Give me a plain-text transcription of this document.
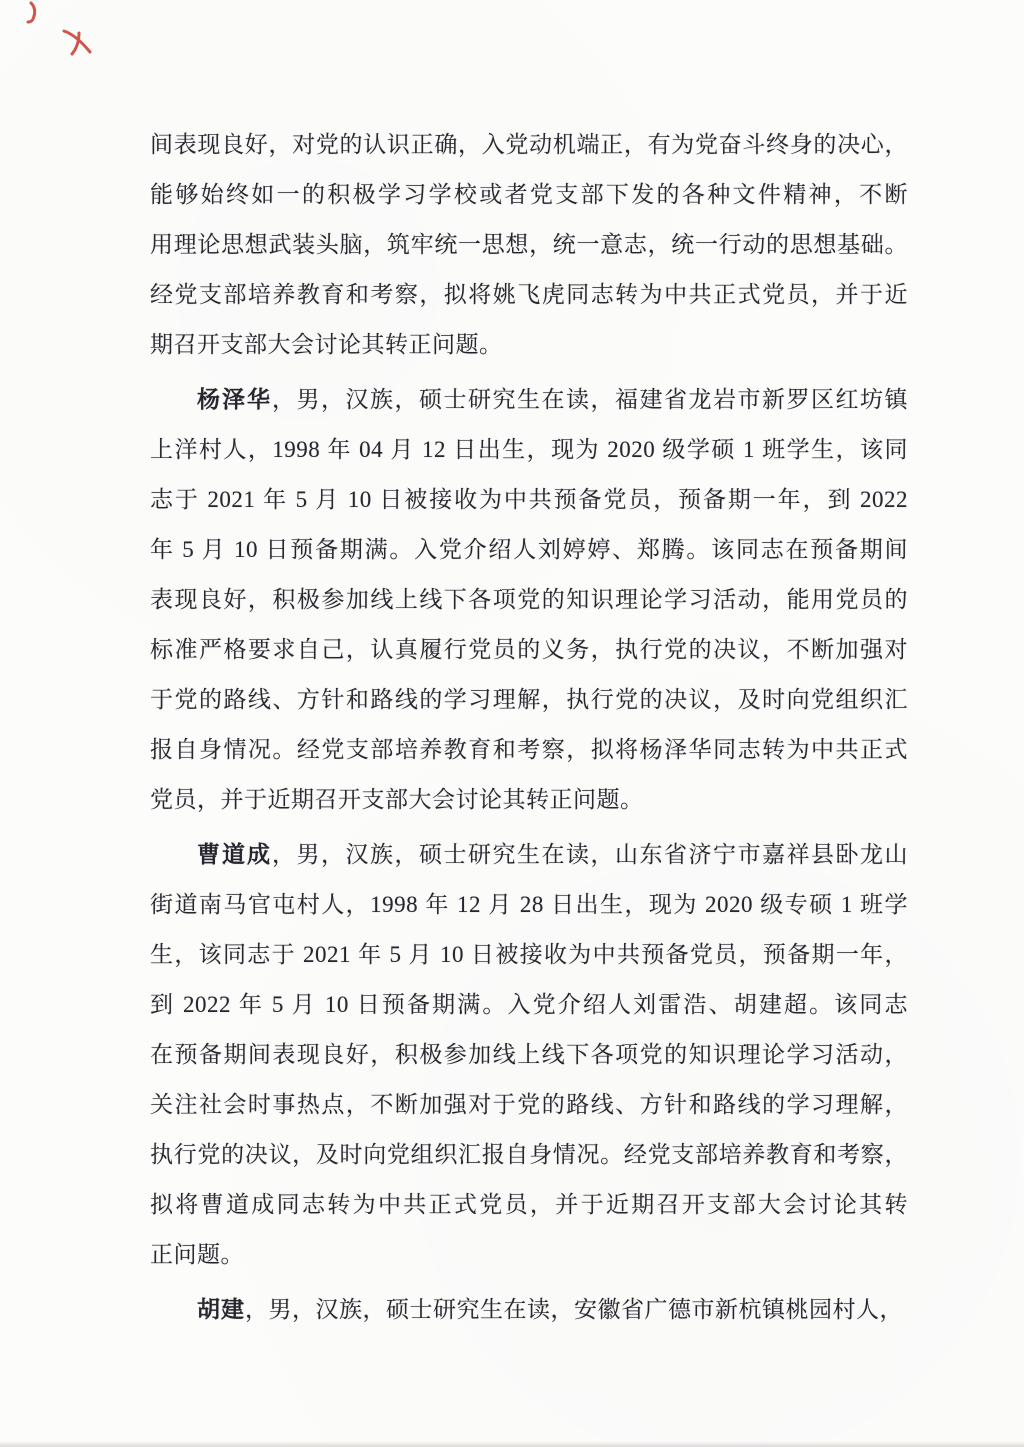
间表现良好，对党的认识正确，入党动机端正，有为党奋斗终身的决心，
能够始终如一的积极学习学校或者党支部下发的各种文件精神，不断
用理论思想武装头脑，筑牢统一思想，统一意志，统一行动的思想基础。
经党支部培养教育和考察，拟将姚飞虎同志转为中共正式党员，并于近
期召开支部大会讨论其转正问题。
杨泽华，男，汉族，硕士研究生在读，福建省龙岩市新罗区红坊镇
上洋村人，1998 年 04 月 12 日出生，现为 2020 级学硕 1 班学生，该同
志于 2021 年 5 月 10 日被接收为中共预备党员，预备期一年，到 2022
年 5 月 10 日预备期满。入党介绍人刘婷婷、郑腾。该同志在预备期间
表现良好，积极参加线上线下各项党的知识理论学习活动，能用党员的
标准严格要求自己，认真履行党员的义务，执行党的决议，不断加强对
于党的路线、方针和路线的学习理解，执行党的决议，及时向党组织汇
报自身情况。经党支部培养教育和考察，拟将杨泽华同志转为中共正式
党员，并于近期召开支部大会讨论其转正问题。
曹道成，男，汉族，硕士研究生在读，山东省济宁市嘉祥县卧龙山
街道南马官屯村人，1998 年 12 月 28 日出生，现为 2020 级专硕 1 班学
生，该同志于 2021 年 5 月 10 日被接收为中共预备党员，预备期一年，
到 2022 年 5 月 10 日预备期满。入党介绍人刘雷浩、胡建超。该同志
在预备期间表现良好，积极参加线上线下各项党的知识理论学习活动，
关注社会时事热点，不断加强对于党的路线、方针和路线的学习理解，
执行党的决议，及时向党组织汇报自身情况。经党支部培养教育和考察，
拟将曹道成同志转为中共正式党员，并于近期召开支部大会讨论其转
正问题。
胡建，男，汉族，硕士研究生在读，安徽省广德市新杭镇桃园村人，
